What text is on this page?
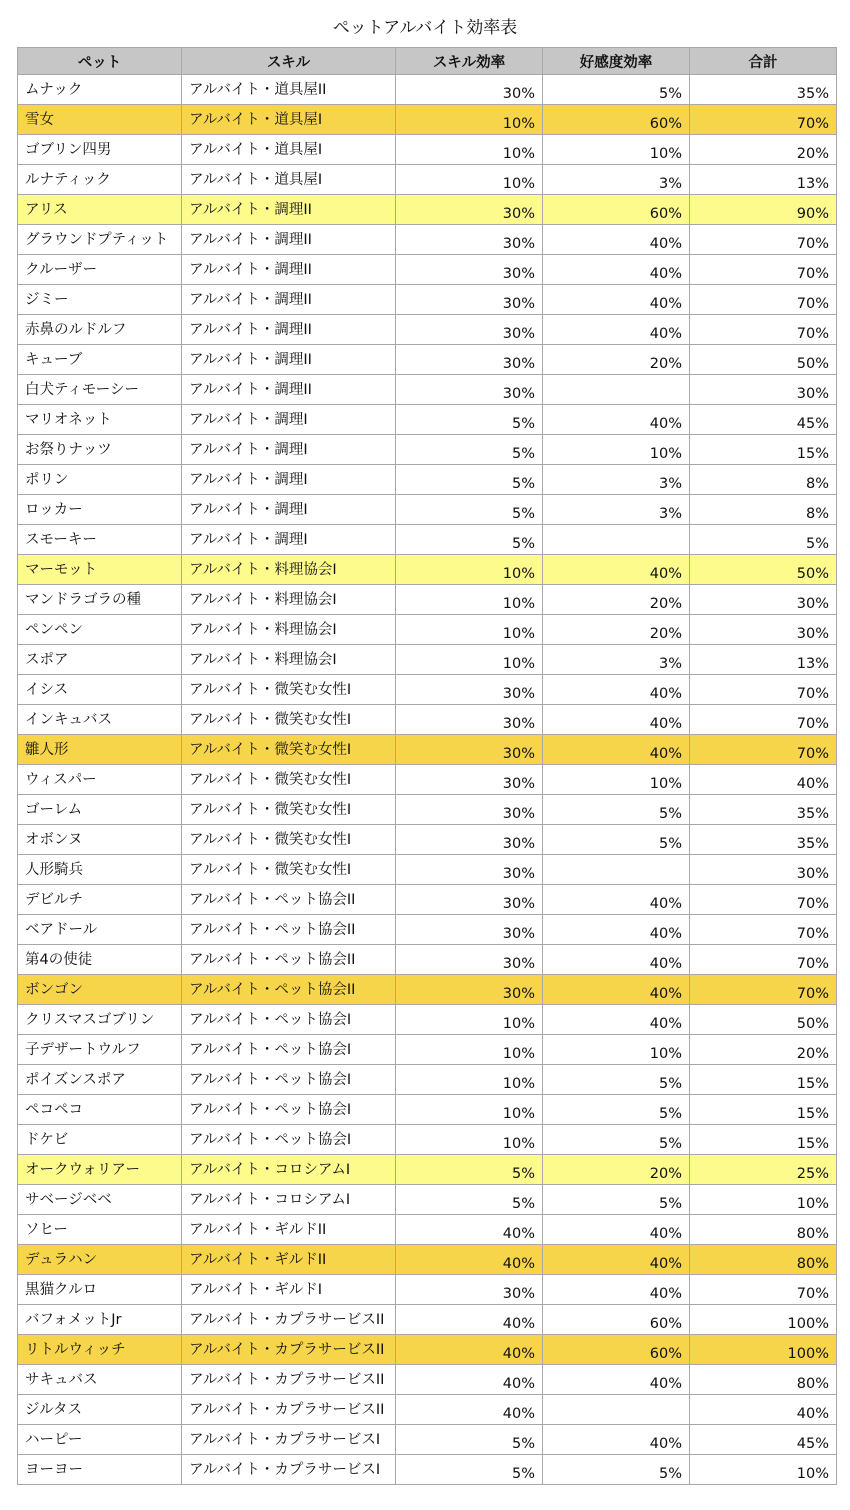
ペットアルバイト効率表
ペット	スキル	スキル効率	好感度効率	合計
ムナック	アルバイト・道具屋II	30%	5%	35%
雪女	アルバイト・道具屋I	10%	60%	70%
ゴブリン四男	アルバイト・道具屋I	10%	10%	20%
ルナティック	アルバイト・道具屋I	10%	3%	13%
アリス	アルバイト・調理II	30%	60%	90%
グラウンドプティット	アルバイト・調理II	30%	40%	70%
クルーザー	アルバイト・調理II	30%	40%	70%
ジミー	アルバイト・調理II	30%	40%	70%
赤鼻のルドルフ	アルバイト・調理II	30%	40%	70%
キューブ	アルバイト・調理II	30%	20%	50%
白犬ティモーシー	アルバイト・調理II	30%		30%
マリオネット	アルバイト・調理I	5%	40%	45%
お祭りナッツ	アルバイト・調理I	5%	10%	15%
ポリン	アルバイト・調理I	5%	3%	8%
ロッカー	アルバイト・調理I	5%	3%	8%
スモーキー	アルバイト・調理I	5%		5%
マーモット	アルバイト・料理協会I	10%	40%	50%
マンドラゴラの種	アルバイト・料理協会I	10%	20%	30%
ペンペン	アルバイト・料理協会I	10%	20%	30%
スポア	アルバイト・料理協会I	10%	3%	13%
イシス	アルバイト・微笑む女性I	30%	40%	70%
インキュバス	アルバイト・微笑む女性I	30%	40%	70%
雛人形	アルバイト・微笑む女性I	30%	40%	70%
ウィスパー	アルバイト・微笑む女性I	30%	10%	40%
ゴーレム	アルバイト・微笑む女性I	30%	5%	35%
オボンヌ	アルバイト・微笑む女性I	30%	5%	35%
人形騎兵	アルバイト・微笑む女性I	30%		30%
デビルチ	アルバイト・ペット協会II	30%	40%	70%
ベアドール	アルバイト・ペット協会II	30%	40%	70%
第4の使徒	アルバイト・ペット協会II	30%	40%	70%
ボンゴン	アルバイト・ペット協会II	30%	40%	70%
クリスマスゴブリン	アルバイト・ペット協会I	10%	40%	50%
子デザートウルフ	アルバイト・ペット協会I	10%	10%	20%
ポイズンスポア	アルバイト・ペット協会I	10%	5%	15%
ペコペコ	アルバイト・ペット協会I	10%	5%	15%
ドケビ	アルバイト・ペット協会I	10%	5%	15%
オークウォリアー	アルバイト・コロシアムI	5%	20%	25%
サベージベベ	アルバイト・コロシアムI	5%	5%	10%
ソヒー	アルバイト・ギルドII	40%	40%	80%
デュラハン	アルバイト・ギルドII	40%	40%	80%
黒猫クルロ	アルバイト・ギルドI	30%	40%	70%
バフォメットJr	アルバイト・カプラサービスII	40%	60%	100%
リトルウィッチ	アルバイト・カプラサービスII	40%	60%	100%
サキュバス	アルバイト・カプラサービスII	40%	40%	80%
ジルタス	アルバイト・カプラサービスII	40%		40%
ハーピー	アルバイト・カプラサービスI	5%	40%	45%
ヨーヨー	アルバイト・カプラサービスI	5%	5%	10%
